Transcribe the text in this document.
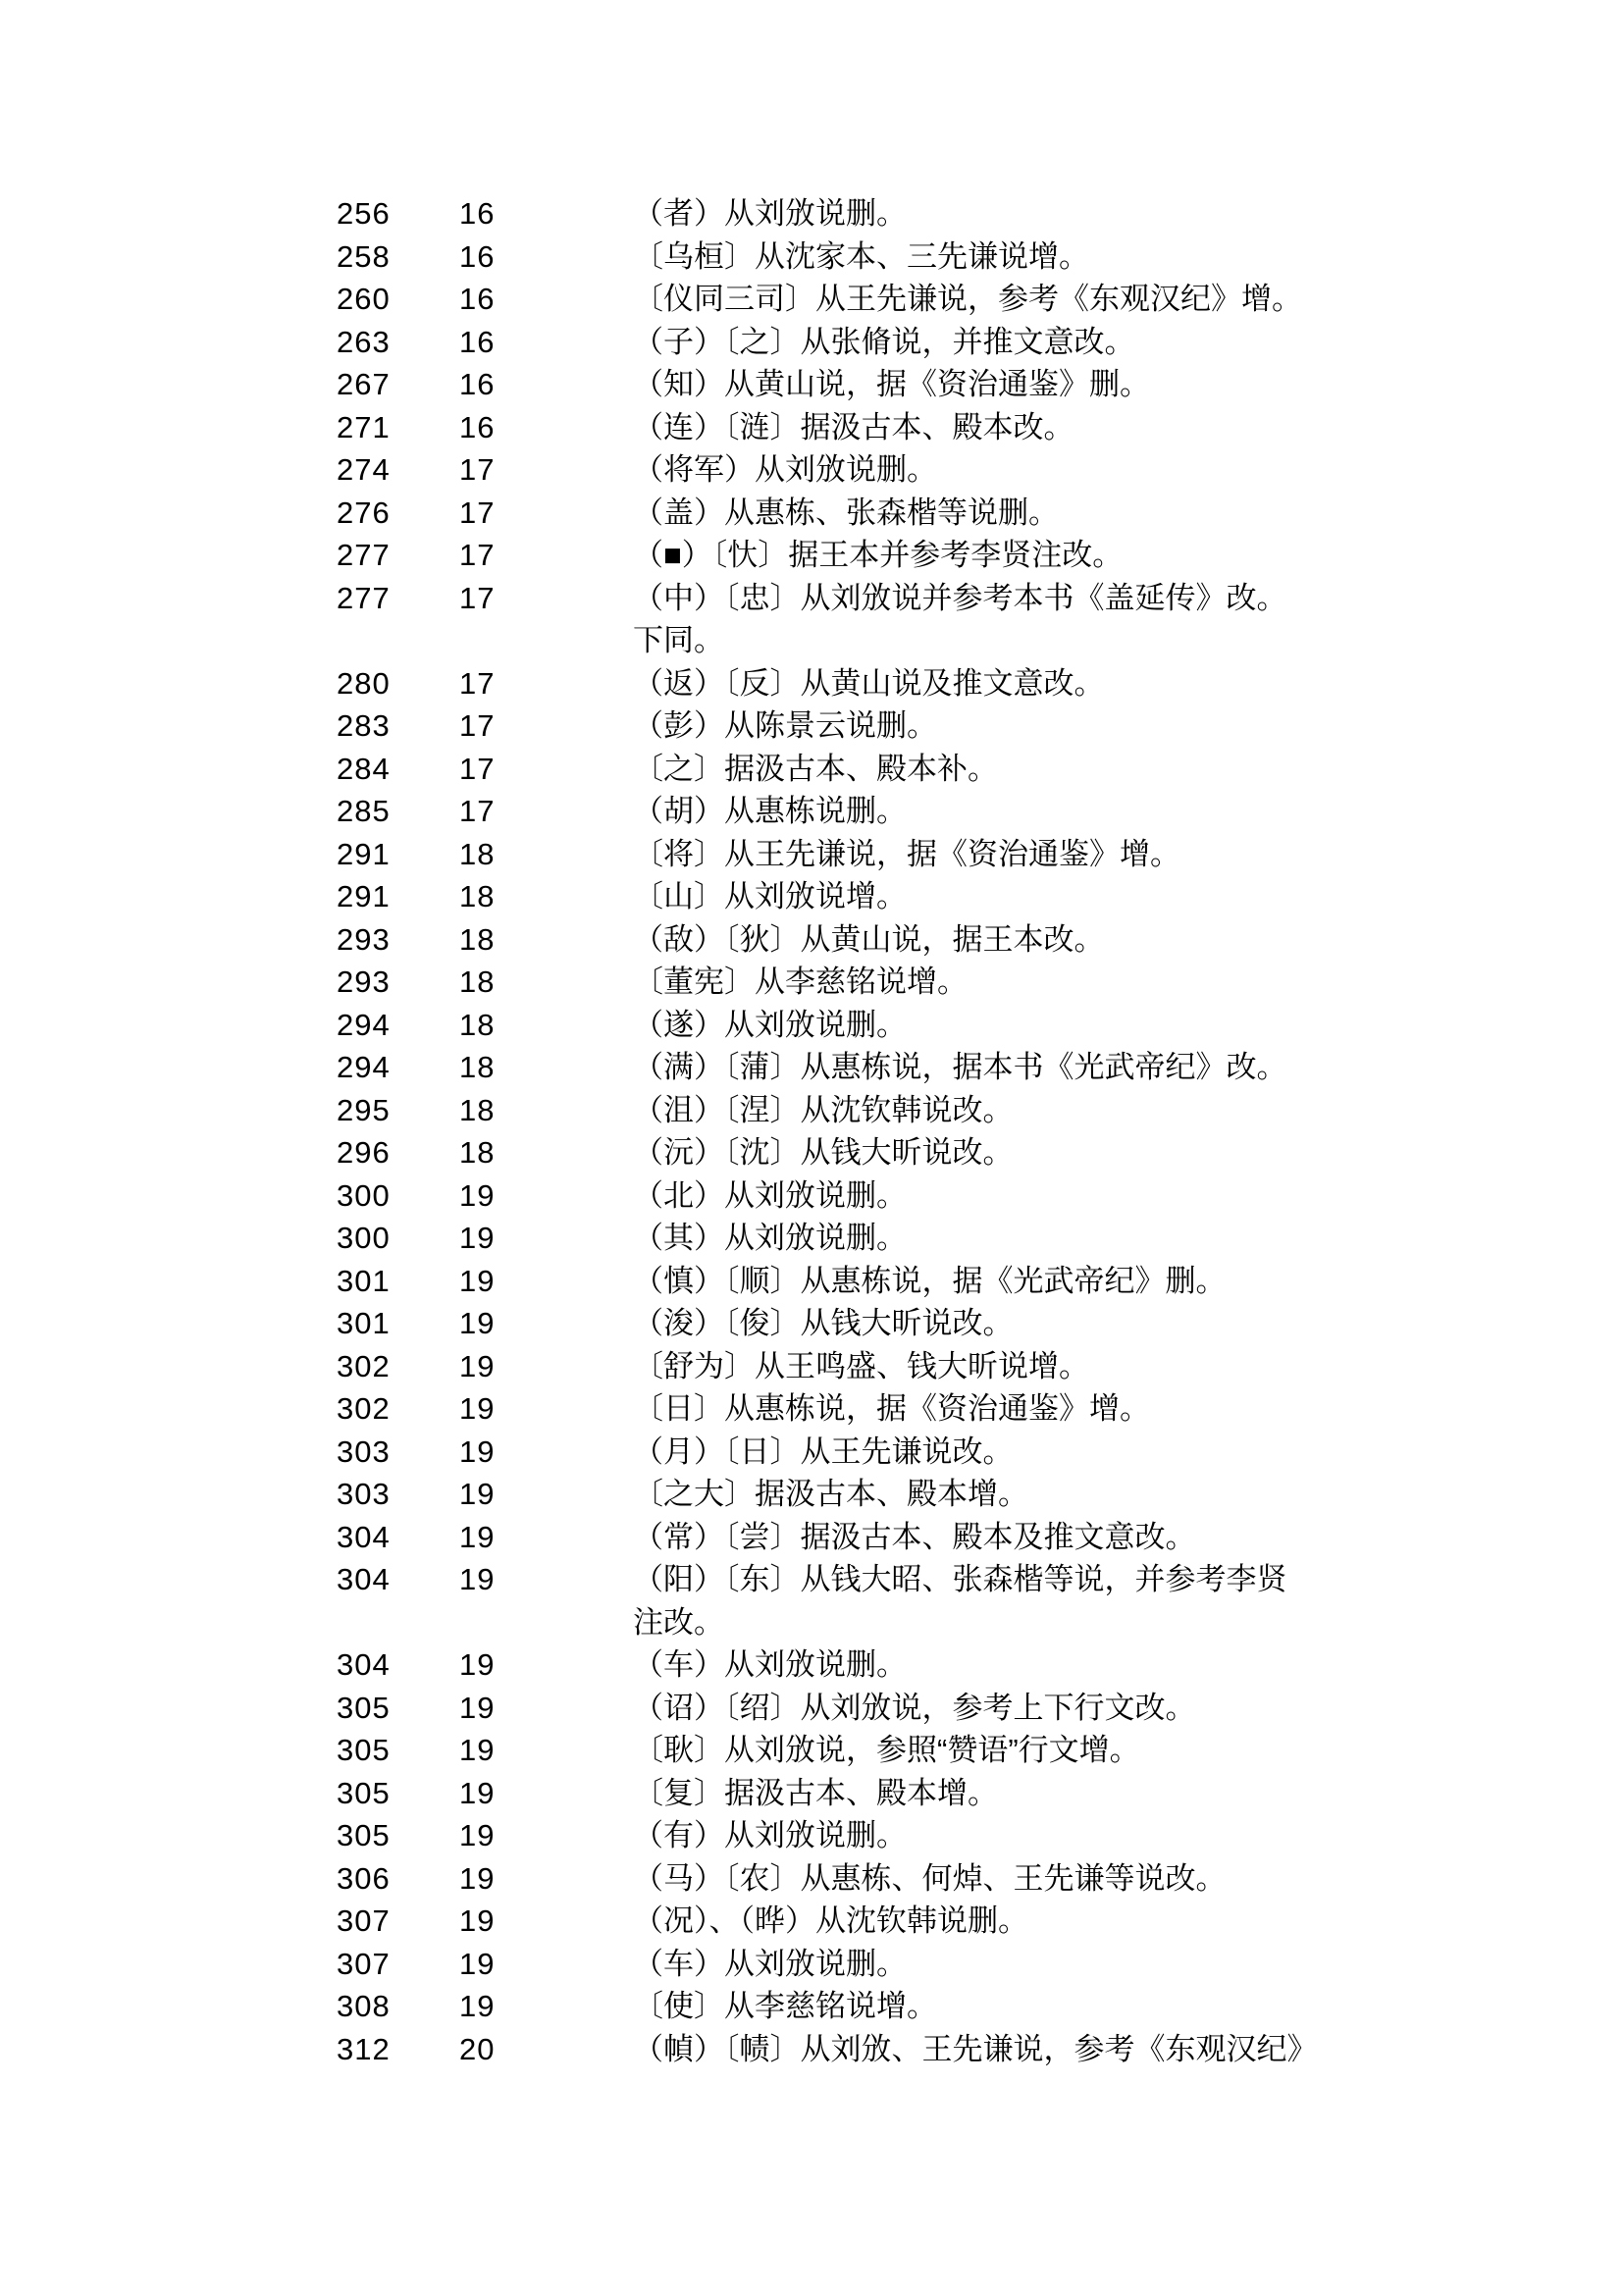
256	16	（者）从刘攽说删。
258	16	〔乌桓〕从沈家本、三先谦说增。
260	16	〔仪同三司〕从王先谦说，参考《东观汉纪》增。
263	16	（子）〔之〕从张脩说，并推文意改。
267	16	（知）从黄山说，据《资治通鉴》删。
271	16	（连）〔涟〕据汲古本、殿本改。
274	17	（将军）从刘攽说删。
276	17	（盖）从惠栋、张森楷等说删。
277	17	（■）〔忕〕据王本并参考李贤注改。
277	17	（中）〔忠〕从刘攽说并参考本书《盖延传》改。
下同。
280	17	（返）〔反〕从黄山说及推文意改。
283	17	（彭）从陈景云说删。
284	17	〔之〕据汲古本、殿本补。
285	17	（胡）从惠栋说删。
291	18	〔将〕从王先谦说，据《资治通鉴》增。
291	18	〔山〕从刘攽说增。
293	18	（敌）〔狄〕从黄山说，据王本改。
293	18	〔董宪〕从李慈铭说增。
294	18	（遂）从刘攽说删。
294	18	（满）〔蒲〕从惠栋说，据本书《光武帝纪》改。
295	18	（沮）〔涅〕从沈钦韩说改。
296	18	（沅）〔沈〕从钱大昕说改。
300	19	（北）从刘攽说删。
300	19	（其）从刘攽说删。
301	19	（慎）〔顺〕从惠栋说，据《光武帝纪》删。
301	19	（浚）〔俊〕从钱大昕说改。
302	19	〔舒为〕从王鸣盛、钱大昕说增。
302	19	〔日〕从惠栋说，据《资治通鉴》增。
303	19	（月）〔日〕从王先谦说改。
303	19	〔之大〕据汲古本、殿本增。
304	19	（常）〔尝〕据汲古本、殿本及推文意改。
304	19	（阳）〔东〕从钱大昭、张森楷等说，并参考李贤
注改。
304	19	（车）从刘攽说删。
305	19	（诏）〔绍〕从刘攽说，参考上下行文改。
305	19	〔耿〕从刘攽说，参照“赞语”行文增。
305	19	〔复〕据汲古本、殿本增。
305	19	（有）从刘攽说删。
306	19	（马）〔农〕从惠栋、何焯、王先谦等说改。
307	19	（况）、（晔）从沈钦韩说删。
307	19	（车）从刘攽说删。
308	19	〔使〕从李慈铭说增。
312	20	（幀）〔帻〕从刘攽、王先谦说，参考《东观汉纪》
